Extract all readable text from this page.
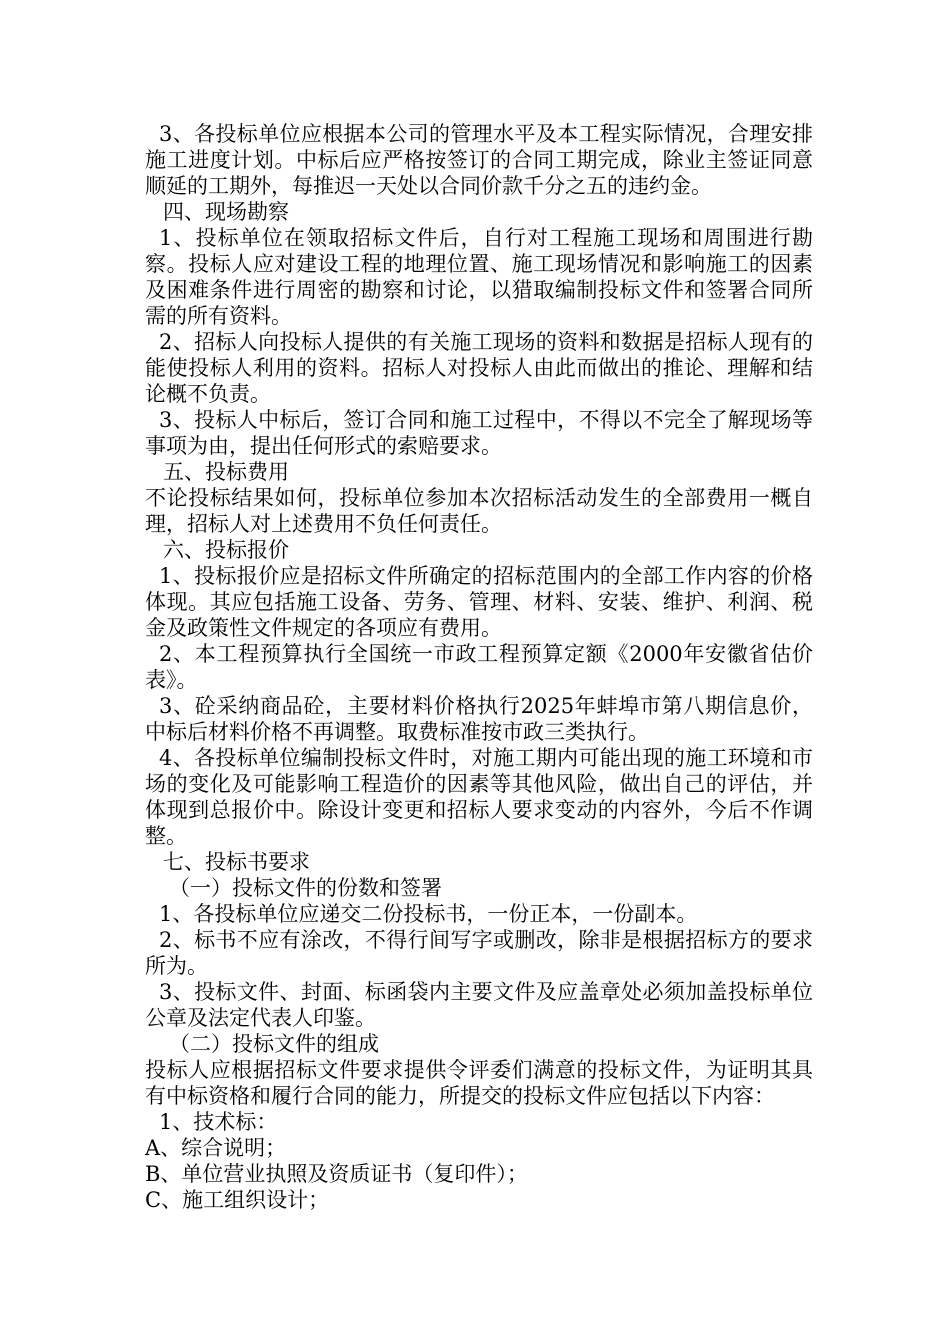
3、各投标单位应根据本公司的管理水平及本工程实际情况，合理安排施工进度计划。中标后应严格按签订的合同工期完成，除业主签证同意顺延的工期外，每推迟一天处以合同价款千分之五的违约金。

四、现场勘察

1、投标单位在领取招标文件后，自行对工程施工现场和周围进行勘察。投标人应对建设工程的地理位置、施工现场情况和影响施工的因素及困难条件进行周密的勘察和讨论，以猎取编制投标文件和签署合同所需的所有资料。

2、招标人向投标人提供的有关施工现场的资料和数据是招标人现有的能使投标人利用的资料。招标人对投标人由此而做出的推论、理解和结论概不负责。

3、投标人中标后，签订合同和施工过程中，不得以不完全了解现场等事项为由，提出任何形式的索赔要求。

五、投标费用

不论投标结果如何，投标单位参加本次招标活动发生的全部费用一概自理，招标人对上述费用不负任何责任。

六、投标报价

1、投标报价应是招标文件所确定的招标范围内的全部工作内容的价格体现。其应包括施工设备、劳务、管理、材料、安装、维护、利润、税金及政策性文件规定的各项应有费用。

2、本工程预算执行全国统一市政工程预算定额《2000年安徽省估价表》。

3、砼采纳商品砼，主要材料价格执行2025年蚌埠市第八期信息价，中标后材料价格不再调整。取费标准按市政三类执行。

4、各投标单位编制投标文件时，对施工期内可能出现的施工环境和市场的变化及可能影响工程造价的因素等其他风险，做出自己的评估，并体现到总报价中。除设计变更和招标人要求变动的内容外，今后不作调整。

七、投标书要求

（一）投标文件的份数和签署

1、各投标单位应递交二份投标书，一份正本，一份副本。

2、标书不应有涂改，不得行间写字或删改，除非是根据招标方的要求所为。

3、投标文件、封面、标函袋内主要文件及应盖章处必须加盖投标单位公章及法定代表人印鉴。

（二）投标文件的组成

投标人应根据招标文件要求提供令评委们满意的投标文件，为证明其具有中标资格和履行合同的能力，所提交的投标文件应包括以下内容：

1、技术标：

A、综合说明；

B、单位营业执照及资质证书（复印件）；

C、施工组织设计；
